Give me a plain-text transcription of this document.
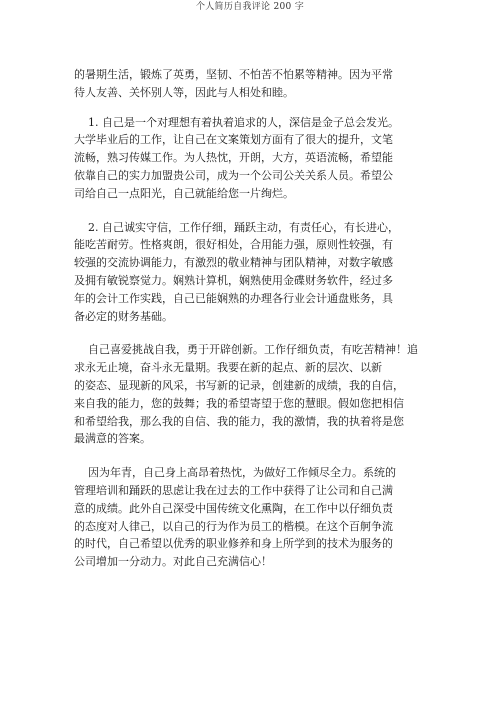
个人简历自我评论 200 字
的暑期生活，锻炼了英勇，坚韧、不怕苦不怕累等精神。因为平常
待人友善、关怀别人等，因此与人相处和睦。
1. 自己是一个对理想有着执着追求的人，深信是金子总会发光。
大学毕业后的工作，让自己在文案策划方面有了很大的提升，文笔
流畅，熟习传媒工作。为人热忱，开朗，大方，英语流畅，希望能
依靠自己的实力加盟贵公司，成为一个公司公关关系人员。希望公
司给自己一点阳光，自己就能给您一片绚烂。
2. 自己诚实守信，工作仔细，踊跃主动，有责任心，有长进心，
能吃苦耐劳。性格爽朗，很好相处，合用能力强，原则性较强，有
较强的交流协调能力，有激烈的敬业精神与团队精神，对数字敏感
及拥有敏锐察觉力。娴熟计算机，娴熟使用金碟财务软件，经过多
年的会计工作实践，自己已能娴熟的办理各行业会计通盘账务，具
备必定的财务基础。
自己喜爱挑战自我，勇于开辟创新。工作仔细负责，有吃苦精神！追
求永无止境，奋斗永无量期。我要在新的起点、新的层次、以新
的姿态、显现新的风采，书写新的记录，创建新的成绩，我的自信，
来自我的能力，您的鼓舞；我的希望寄望于您的慧眼。假如您把相信
和希望给我，那么我的自信、我的能力，我的激情，我的执着将是您
最满意的答案。
因为年青，自己身上高昂着热忱，为做好工作倾尽全力。系统的
管理培训和踊跃的思虑让我在过去的工作中获得了让公司和自己满
意的成绩。此外自己深受中国传统文化熏陶，在工作中以仔细负责
的态度对人律己，以自己的行为作为员工的楷模。在这个百舸争流
的时代，自己希望以优秀的职业修养和身上所学到的技术为服务的
公司增加一分动力。对此自己充满信心！
